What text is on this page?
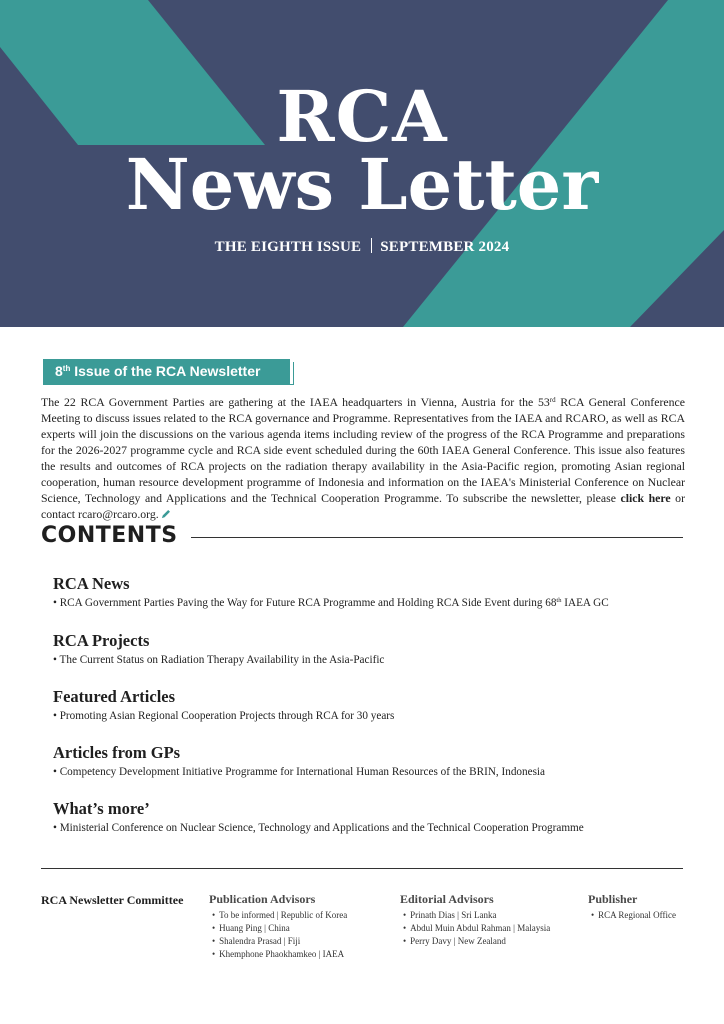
RCA
News Letter
THE EIGHTH ISSUE SEPTEMBER 2024
8th Issue of the RCA Newsletter

The 22 RCA Government Parties are gathering at the IAEA headquarters in Vienna, Austria for the 53rd RCA General Conference Meeting to discuss issues related to the RCA governance and Programme. Representatives from the IAEA and RCARO, as well as RCA experts will join the discussions on the various agenda items including review of the progress of the RCA Programme and preparations for the 2026-2027 programme cycle and RCA side event scheduled during the 60th IAEA General Conference. This issue also features the results and outcomes of RCA projects on the radiation therapy availability in the Asia-Pacific region, promoting Asian regional cooperation, human resource development programme of Indonesia and information on the IAEA's Ministerial Conference on Nuclear Science, Technology and Applications and the Technical Cooperation Programme. To subscribe the newsletter, please click here or contact rcaro@rcaro.org.

CONTENTS
RCA News
• RCA Government Parties Paving the Way for Future RCA Programme and Holding RCA Side Event during 68th IAEA GC
RCA Projects
• The Current Status on Radiation Therapy Availability in the Asia-Pacific
Featured Articles
• Promoting Asian Regional Cooperation Projects through RCA for 30 years
Articles from GPs
• Competency Development Initiative Programme for International Human Resources of the BRIN, Indonesia
What’s more’
• Ministerial Conference on Nuclear Science, Technology and Applications and the Technical Cooperation Programme
RCA Newsletter Committee Publication Advisors
• To be informed | Republic of Korea
• Huang Ping | China
• Shalendra Prasad | Fiji
• Khemphone Phaokhamkeo | IAEA
Editorial Advisors
• Prinath Dias | Sri Lanka
• Abdul Muin Abdul Rahman | Malaysia
• Perry Davy | New Zealand
Publisher
• RCA Regional Office
